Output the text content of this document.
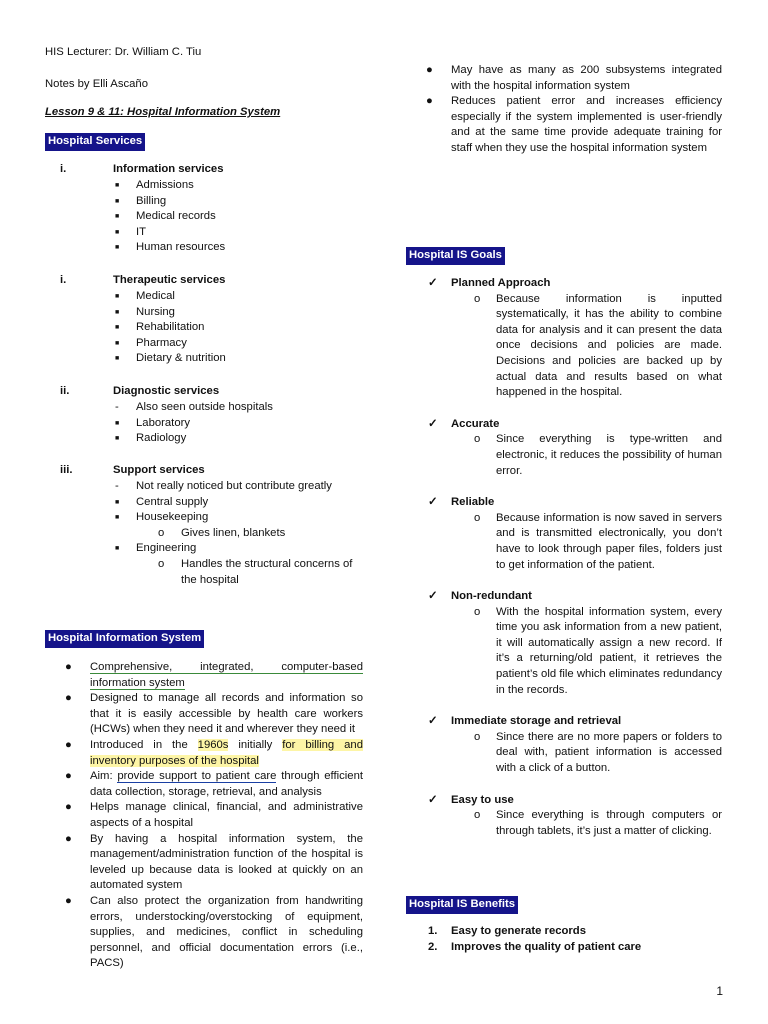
HIS Lecturer: Dr. William C. Tiu
Notes by Elli Ascaño
Lesson 9 & 11: Hospital Information System
Hospital Services
i.	Information services
■ Admissions
■ Billing
■ Medical records
■ IT
■ Human resources
i.	Therapeutic services
■ Medical
■ Nursing
■ Rehabilitation
■ Pharmacy
■ Dietary & nutrition
ii.	Diagnostic services
- Also seen outside hospitals
■ Laboratory
■ Radiology
iii.	Support services
- Not really noticed but contribute greatly
■ Central supply
■ Housekeeping
o Gives linen, blankets
■ Engineering
o Handles the structural concerns of the hospital
Hospital Information System
● Comprehensive, integrated, computer-based information system
● Designed to manage all records and information so that it is easily accessible by health care workers (HCWs) when they need it and wherever they need it
● Introduced in the 1960s initially for billing and inventory purposes of the hospital
● Aim: provide support to patient care through efficient data collection, storage, retrieval, and analysis
● Helps manage clinical, financial, and administrative aspects of a hospital
● By having a hospital information system, the management/administration function of the hospital is leveled up because data is looked at quickly on an automated system
● Can also protect the organization from handwriting errors, understocking/overstocking of equipment, supplies, and medicines, conflict in scheduling personnel, and official documentation errors (i.e., PACS)
● May have as many as 200 subsystems integrated with the hospital information system
● Reduces patient error and increases efficiency especially if the system implemented is user-friendly and at the same time provide adequate training for staff when they use the hospital information system
Hospital IS Goals
✓ Planned Approach
o Because information is inputted systematically, it has the ability to combine data for analysis and it can present the data once decisions and policies are made. Decisions and policies are backed up by actual data and results based on what happened in the hospital.
✓ Accurate
o Since everything is type-written and electronic, it reduces the possibility of human error.
✓ Reliable
o Because information is now saved in servers and is transmitted electronically, you don’t have to look through paper files, folders just to get information of the patient.
✓ Non-redundant
o With the hospital information system, every time you ask information from a new patient, it will automatically assign a new record. If it’s a returning/old patient, it retrieves the patient’s old file which eliminates redundancy in the records.
✓ Immediate storage and retrieval
o Since there are no more papers or folders to deal with, patient information is accessed with a click of a button.
✓ Easy to use
o Since everything is through computers or through tablets, it’s just a matter of clicking.
Hospital IS Benefits
1. Easy to generate records
2. Improves the quality of patient care
1
